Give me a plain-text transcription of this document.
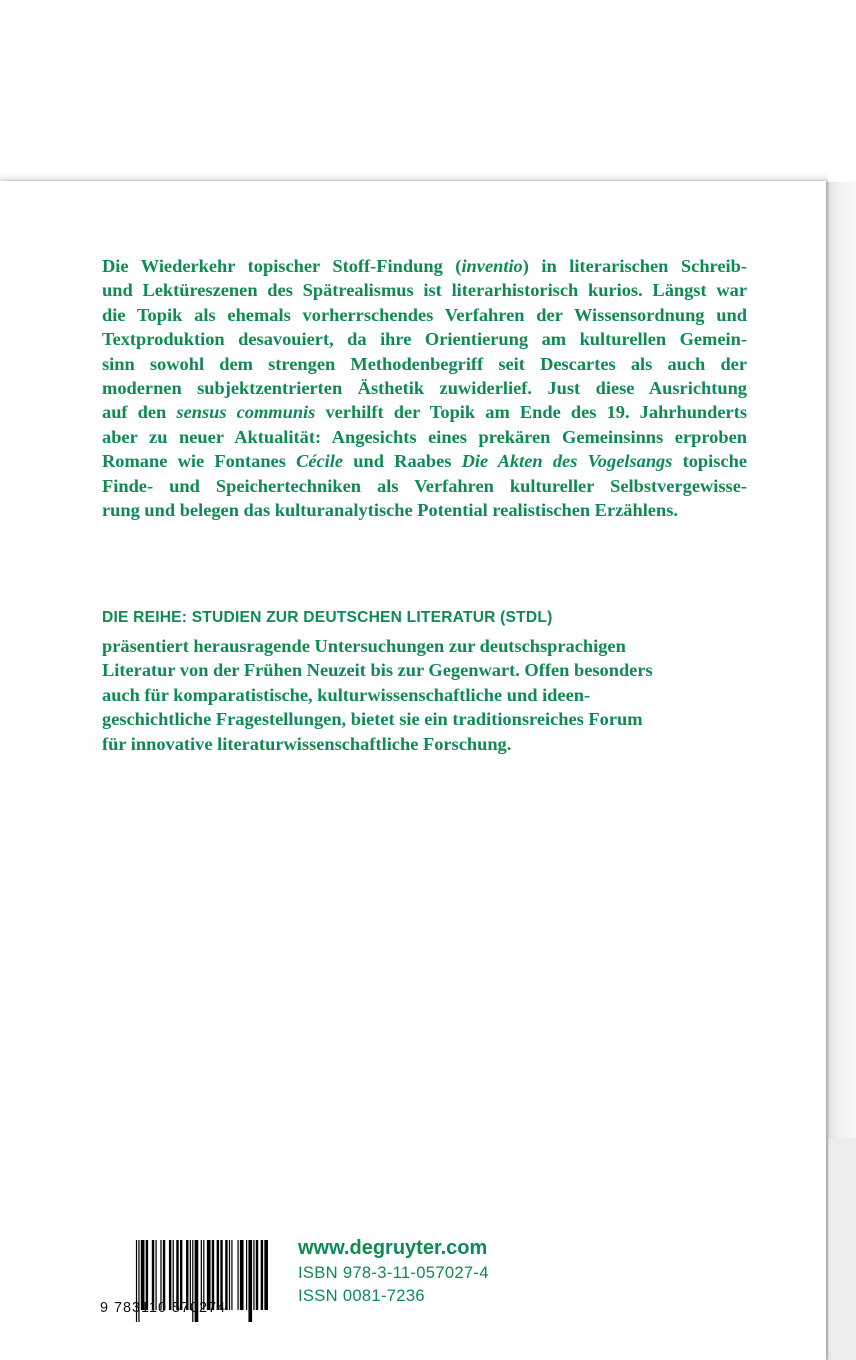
Die Wiederkehr topischer Stoff-Findung (inventio) in literarischen Schreib-
und Lektüreszenen des Spätrealismus ist literarhistorisch kurios. Längst war
die Topik als ehemals vorherrschendes Verfahren der Wissensordnung und
Textproduktion desavouiert, da ihre Orientierung am kulturellen Gemein-
sinn sowohl dem strengen Methodenbegriff seit Descartes als auch der
modernen subjektzentrierten Ästhetik zuwiderlief. Just diese Ausrichtung
auf den sensus communis verhilft der Topik am Ende des 19. Jahrhunderts
aber zu neuer Aktualität: Angesichts eines prekären Gemeinsinns erproben
Romane wie Fontanes Cécile und Raabes Die Akten des Vogelsangs topische
Finde- und Speichertechniken als Verfahren kultureller Selbstvergewisse-
rung und belegen das kulturanalytische Potential realistischen Erzählens.
DIE REIHE: STUDIEN ZUR DEUTSCHEN LITERATUR (STDL)
präsentiert herausragende Untersuchungen zur deutschsprachigen
Literatur von der Frühen Neuzeit bis zur Gegenwart. Offen besonders
auch für komparatistische, kulturwissenschaftliche und ideen-
geschichtliche Fragestellungen, bietet sie ein traditionsreiches Forum
für innovative literaturwissenschaftliche Forschung.
9 783110 570274
www.degruyter.com
ISBN 978-3-11-057027-4
ISSN 0081-7236
